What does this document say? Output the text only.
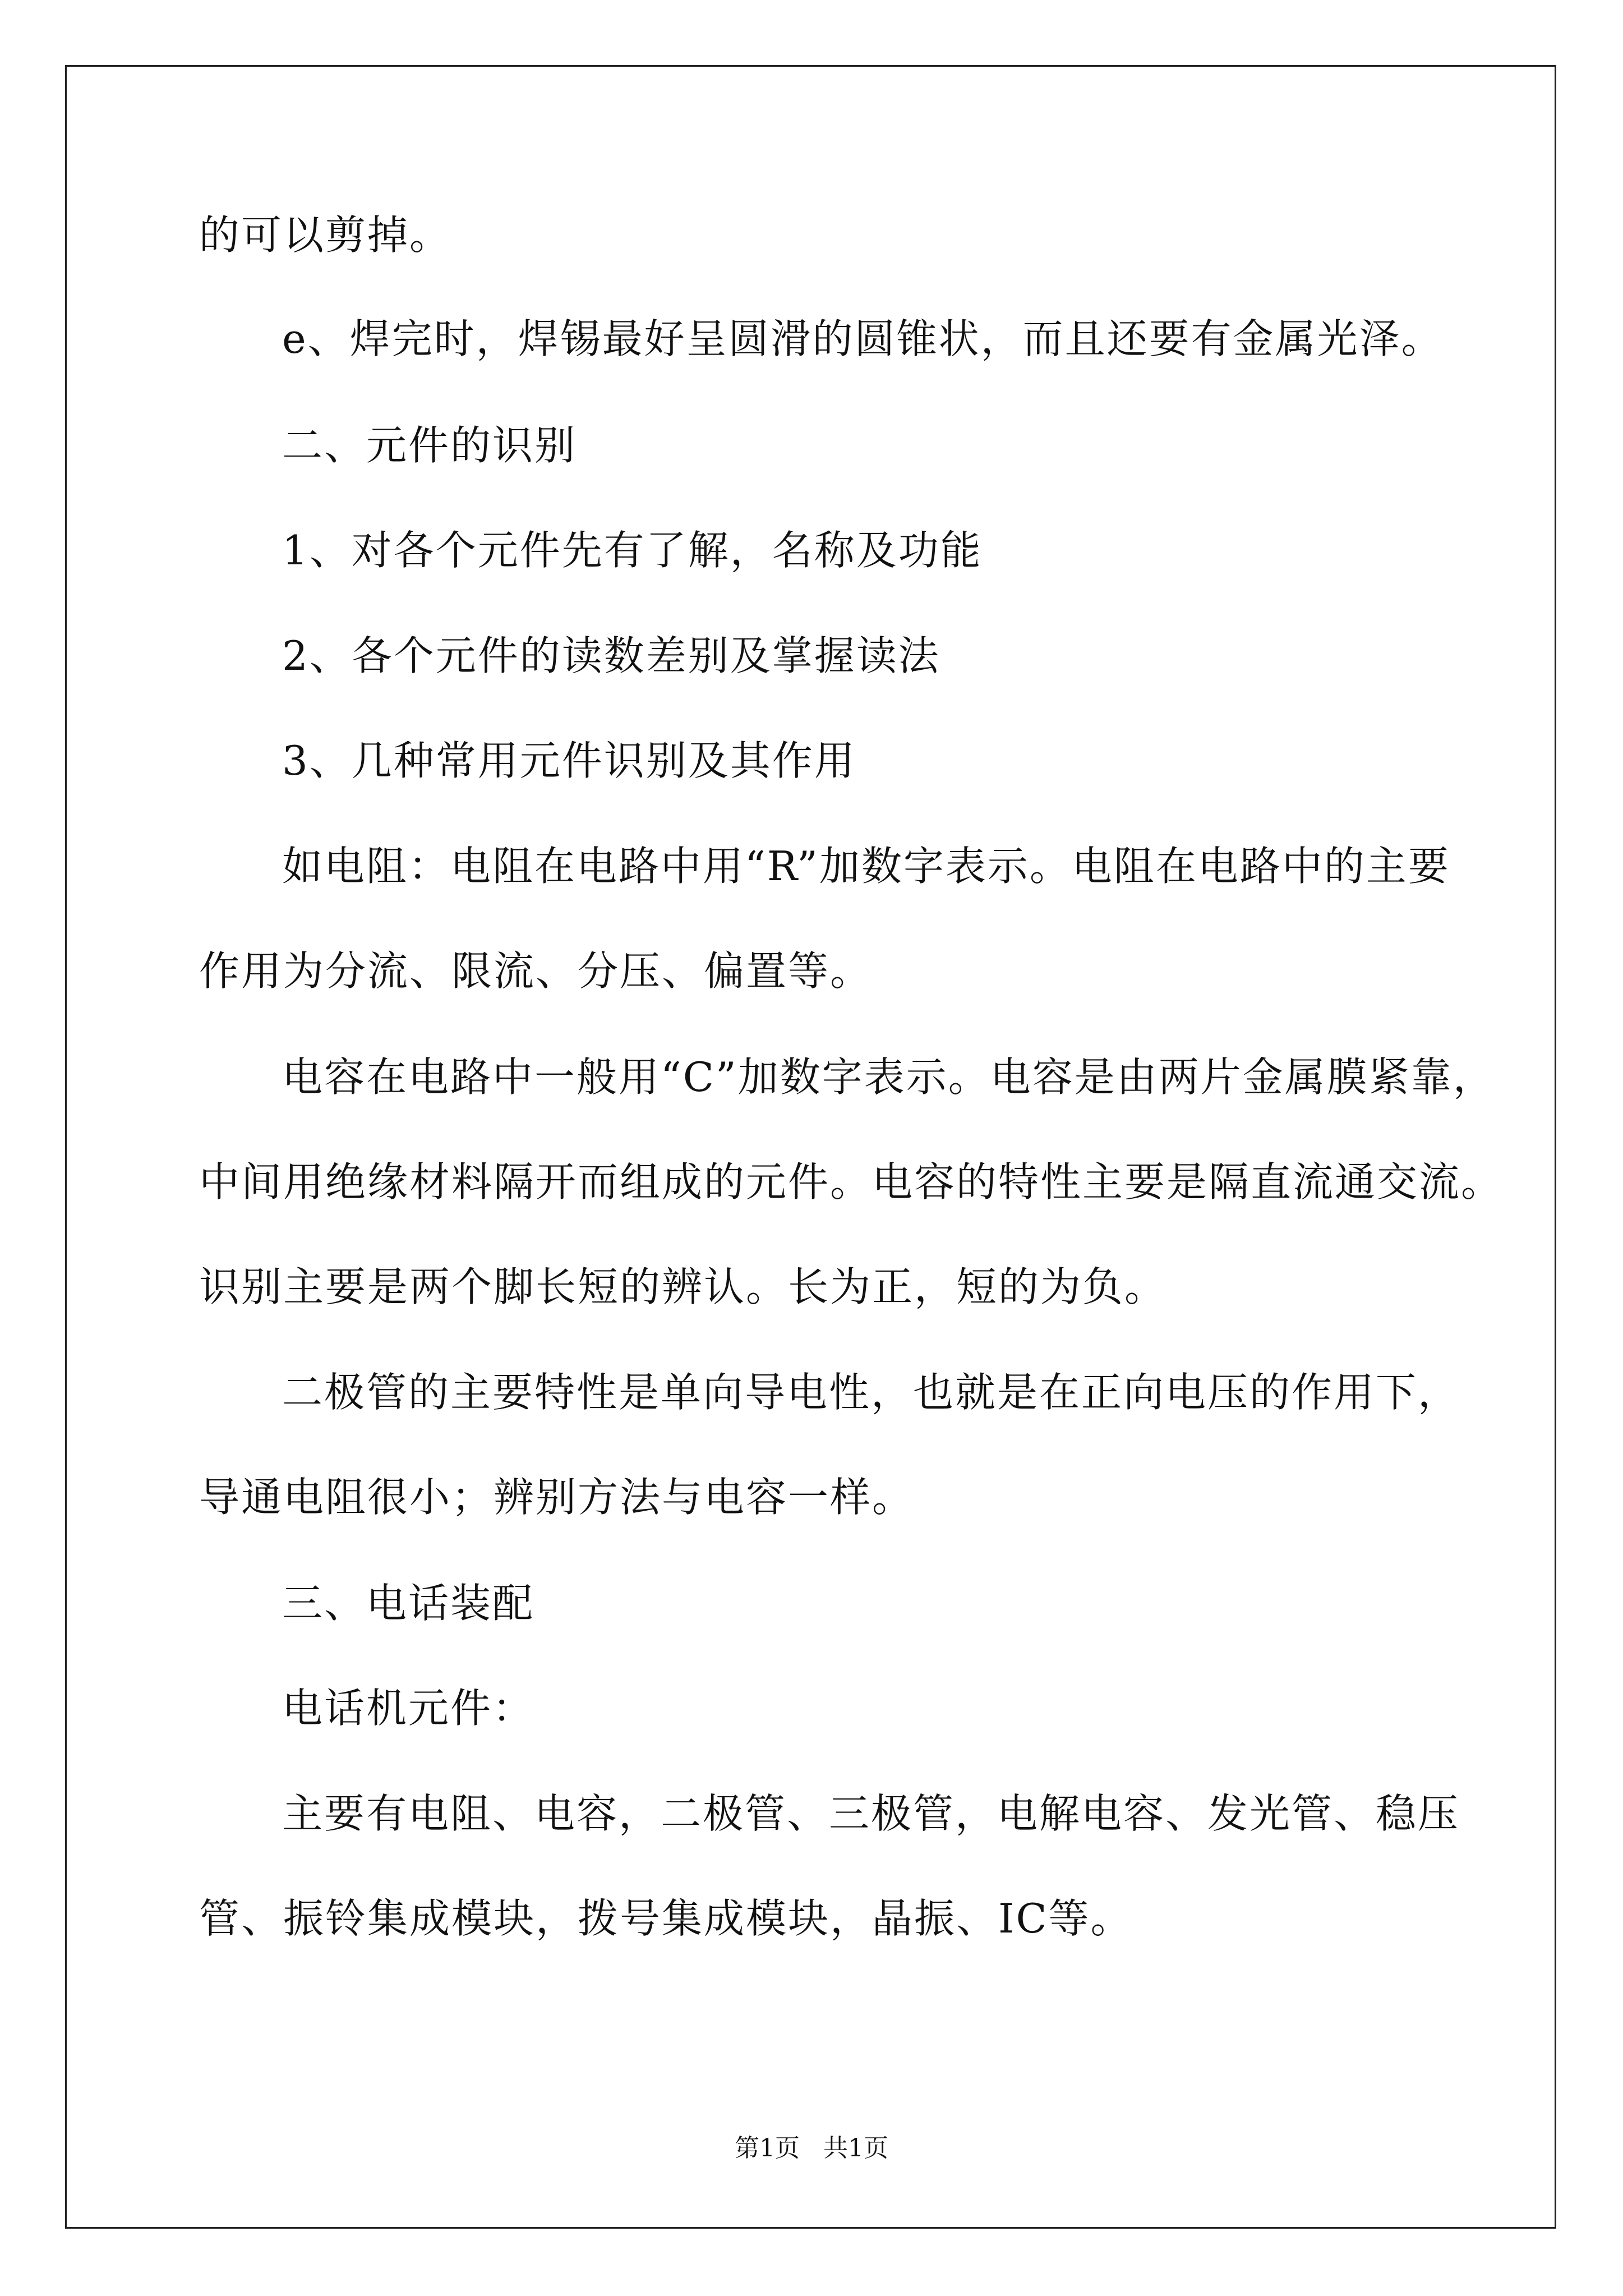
的可以剪掉。
e、焊完时，焊锡最好呈圆滑的圆锥状，而且还要有金属光泽。
二、元件的识别
1、对各个元件先有了解，名称及功能
2、各个元件的读数差别及掌握读法
3、几种常用元件识别及其作用
如电阻：电阻在电路中用“R”加数字表示。电阻在电路中的主要
作用为分流、限流、分压、偏置等。
电容在电路中一般用“C”加数字表示。电容是由两片金属膜紧靠，
中间用绝缘材料隔开而组成的元件。电容的特性主要是隔直流通交流。
识别主要是两个脚长短的辨认。长为正，短的为负。
二极管的主要特性是单向导电性，也就是在正向电压的作用下，
导通电阻很小；辨别方法与电容一样。
三、电话装配
电话机元件：
主要有电阻、电容，二极管、三极管，电解电容、发光管、稳压
管、振铃集成模块，拨号集成模块，晶振、IC等。
第1页   共1页
